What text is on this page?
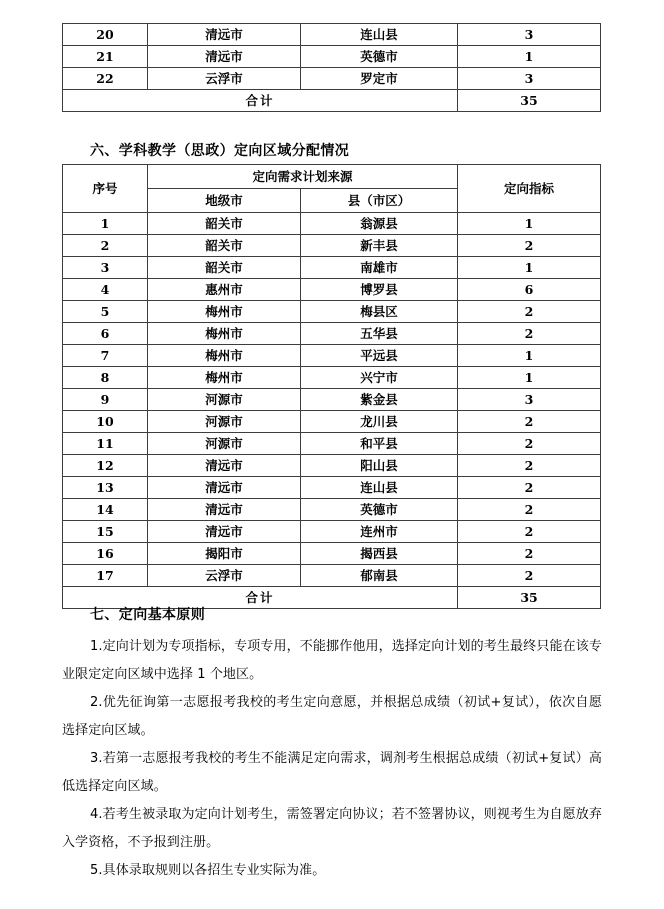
20	清远市	连山县	3
21	清远市	英德市	1
22	云浮市	罗定市	3
合计			35
六、学科教学（思政）定向区域分配情况
序号	定向需求计划来源		定向指标
	地级市	县（市区）	
1	韶关市	翁源县	1
2	韶关市	新丰县	2
3	韶关市	南雄市	1
4	惠州市	博罗县	6
5	梅州市	梅县区	2
6	梅州市	五华县	2
7	梅州市	平远县	1
8	梅州市	兴宁市	1
9	河源市	紫金县	3
10	河源市	龙川县	2
11	河源市	和平县	2
12	清远市	阳山县	2
13	清远市	连山县	2
14	清远市	英德市	2
15	清远市	连州市	2
16	揭阳市	揭西县	2
17	云浮市	郁南县	2
合计			35
七、定向基本原则
1.定向计划为专项指标，专项专用，不能挪作他用，选择定向计划的考生最终只能在该专业限定定向区域中选择 1 个地区。
2.优先征询第一志愿报考我校的考生定向意愿，并根据总成绩（初试+复试），依次自愿选择定向区域。
3.若第一志愿报考我校的考生不能满足定向需求，调剂考生根据总成绩（初试+复试）高低选择定向区域。
4.若考生被录取为定向计划考生，需签署定向协议；若不签署协议，则视考生为自愿放弃入学资格，不予报到注册。
5.具体录取规则以各招生专业实际为准。
